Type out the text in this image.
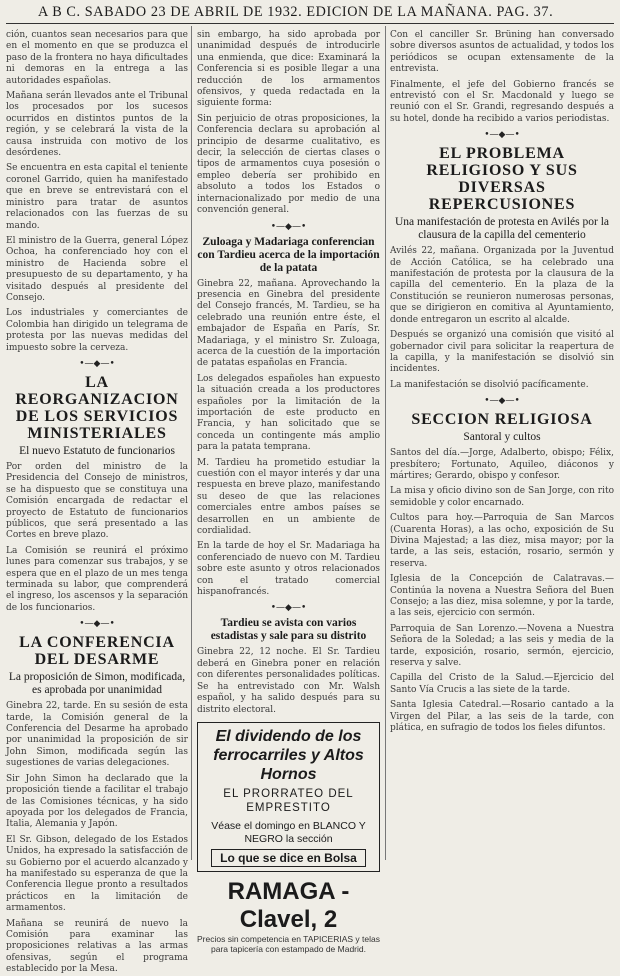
A B C. SABADO 23 DE ABRIL DE 1932. EDICION DE LA MAÑANA. PAG. 37.

ción, cuantos sean necesarios para que en el momento en que se produzca el paso de la frontera no haya dificultades ni demoras en la entrega a las autoridades españolas.

Mañana serán llevados ante el Tribunal los procesados por los sucesos ocurridos en distintos puntos de la región, y se celebrará la vista de la causa instruida con motivo de los desórdenes.

Se encuentra en esta capital el teniente coronel Garrido, quien ha manifestado que en breve se entrevistará con el ministro para tratar de asuntos relacionados con las fuerzas de su mando.

El ministro de la Guerra, general López Ochoa, ha conferenciado hoy con el ministro de Hacienda sobre el presupuesto de su departamento, y ha visitado después al presidente del Consejo.

Los industriales y comerciantes de Colombia han dirigido un telegrama de protesta por las nuevas medidas del impuesto sobre la cerveza.

•—◆—•
LA REORGANIZACION DE LOS SERVICIOS MINISTERIALES
El nuevo Estatuto de funcionarios

Por orden del ministro de la Presidencia del Consejo de ministros, se ha dispuesto que se constituya una Comisión encargada de redactar el proyecto de Estatuto de funcionarios públicos, que será presentado a las Cortes en breve plazo.

La Comisión se reunirá el próximo lunes para comenzar sus trabajos, y se espera que en el plazo de un mes tenga terminada su labor, que comprenderá el ingreso, los ascensos y la separación de los funcionarios.

•—◆—•
LA CONFERENCIA DEL DESARME
La proposición de Simon, modificada, es aprobada por unanimidad

Ginebra 22, tarde. En su sesión de esta tarde, la Comisión general de la Conferencia del Desarme ha aprobado por unanimidad la proposición de sir John Simon, modificada según las sugestiones de varias delegaciones.

Sir John Simon ha declarado que la proposición tiende a facilitar el trabajo de las Comisiones técnicas, y ha sido apoyada por los delegados de Francia, Italia, Alemania y Japón.

El Sr. Gibson, delegado de los Estados Unidos, ha expresado la satisfacción de su Gobierno por el acuerdo alcanzado y ha manifestado su esperanza de que la Conferencia llegue pronto a resultados prácticos en la limitación de armamentos.

Mañana se reunirá de nuevo la Comisión para examinar las proposiciones relativas a las armas ofensivas, según el programa establecido por la Mesa.

sin embargo, ha sido aprobada por unanimidad después de introducirle una enmienda, que dice: Examinará la Conferencia si es posible llegar a una reducción de los armamentos ofensivos, y queda redactada en la siguiente forma:

Sin perjuicio de otras proposiciones, la Conferencia declara su aprobación al principio de desarme cualitativo, es decir, la selección de ciertas clases o tipos de armamentos cuya posesión o empleo debería ser prohibido en absoluto a todos los Estados o internacionalizado por medio de una convención general.

•—◆—•
Zuloaga y Madariaga conferencian con Tardieu acerca de la importación de la patata

Ginebra 22, mañana. Aprovechando la presencia en Ginebra del presidente del Consejo francés, M. Tardieu, se ha celebrado una reunión entre éste, el embajador de España en París, Sr. Madariaga, y el ministro Sr. Zuloaga, acerca de la cuestión de la importación de patatas españolas en Francia.

Los delegados españoles han expuesto la situación creada a los productores españoles por la limitación de la importación de este producto en Francia, y han solicitado que se conceda un contingente más amplio para la patata temprana.

M. Tardieu ha prometido estudiar la cuestión con el mayor interés y dar una respuesta en breve plazo, manifestando su deseo de que las relaciones comerciales entre ambos países se desarrollen en un ambiente de cordialidad.

En la tarde de hoy el Sr. Madariaga ha conferenciado de nuevo con M. Tardieu sobre este asunto y otros relacionados con el tratado comercial hispanofrancés.

•—◆—•
Tardieu se avista con varios estadistas y sale para su distrito

Ginebra 22, 12 noche. El Sr. Tardieu deberá en Ginebra poner en relación con diferentes personalidades políticas. Se ha entrevistado con Mr. Walsh español, y ha salido después para su distrito electoral.

El dividendo de los ferrocarriles y Altos Hornos
EL PRORRATEO DEL EMPRESTITO
Véase el domingo en BLANCO Y NEGRO la sección
Lo que se dice en Bolsa
RAMAGA - Clavel, 2
Precios sin competencia en TAPICERIAS y telas para tapicería con estampado de Madrid.

Con el canciller Sr. Brüning han conversado sobre diversos asuntos de actualidad, y todos los periódicos se ocupan extensamente de la entrevista.

Finalmente, el jefe del Gobierno francés se entrevistó con el Sr. Macdonald y luego se reunió con el Sr. Grandi, regresando después a su hotel, donde ha recibido a varios periodistas.

•—◆—•
EL PROBLEMA RELIGIOSO Y SUS DIVERSAS REPERCUSIONES
Una manifestación de protesta en Avilés por la clausura de la capilla del cementerio

Avilés 22, mañana. Organizada por la Juventud de Acción Católica, se ha celebrado una manifestación de protesta por la clausura de la capilla del cementerio. En la plaza de la Constitución se reunieron numerosas personas, que se dirigieron en comitiva al Ayuntamiento, donde entregaron un escrito al alcalde.

Después se organizó una comisión que visitó al gobernador civil para solicitar la reapertura de la capilla, y la manifestación se disolvió sin incidentes.

La manifestación se disolvió pacíficamente.

•—◆—•
SECCION RELIGIOSA
Santoral y cultos

Santos del día.—Jorge, Adalberto, obispo; Félix, presbítero; Fortunato, Aquileo, diáconos y mártires; Gerardo, obispo y confesor.

La misa y oficio divino son de San Jorge, con rito semidoble y color encarnado.

Cultos para hoy.—Parroquia de San Marcos (Cuarenta Horas), a las ocho, exposición de Su Divina Majestad; a las diez, misa mayor; por la tarde, a las seis, estación, rosario, sermón y reserva.

Iglesia de la Concepción de Calatravas.—Continúa la novena a Nuestra Señora del Buen Consejo; a las diez, misa solemne, y por la tarde, a las seis, ejercicio con sermón.

Parroquia de San Lorenzo.—Novena a Nuestra Señora de la Soledad; a las seis y media de la tarde, exposición, rosario, sermón, ejercicio, reserva y salve.

Capilla del Cristo de la Salud.—Ejercicio del Santo Vía Crucis a las siete de la tarde.

Santa Iglesia Catedral.—Rosario cantado a la Virgen del Pilar, a las seis de la tarde, con plática, en sufragio de todos los fieles difuntos.
